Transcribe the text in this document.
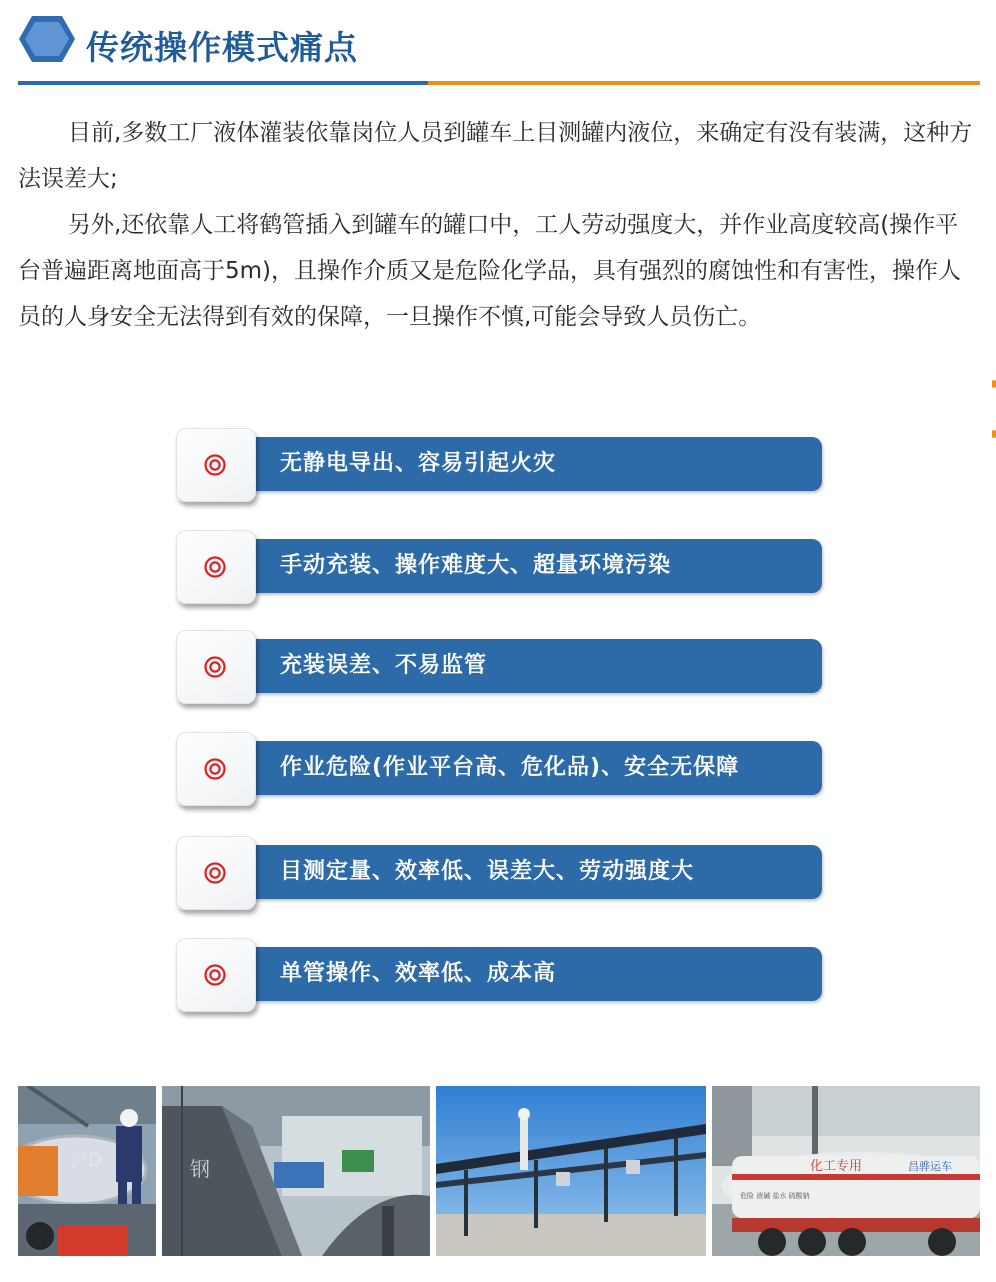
传统操作模式痛点

目前,多数工厂液体灌装依靠岗位人员到罐车上目测罐内液位，来确定有没有装满，这种方法误差大;

另外,还依靠人工将鹤管插入到罐车的罐口中，工人劳动强度大，并作业高度较高(操作平台普遍距离地面高于5m)，且操作介质又是危险化学品，具有强烈的腐蚀性和有害性，操作人员的人身安全无法得到有效的保障，一旦操作不慎,可能会导致人员伤亡。

无静电导出、容易引起火灾
手动充装、操作难度大、超量环境污染
充装误差、不易监管
作业危险(作业平台高、危化品)、安全无保障
目测定量、效率低、误差大、劳动强度大
单管操作、效率低、成本高
沪D	钢	化工专用	昌骅运车
危险 液碱 盐水 硫酸钠
